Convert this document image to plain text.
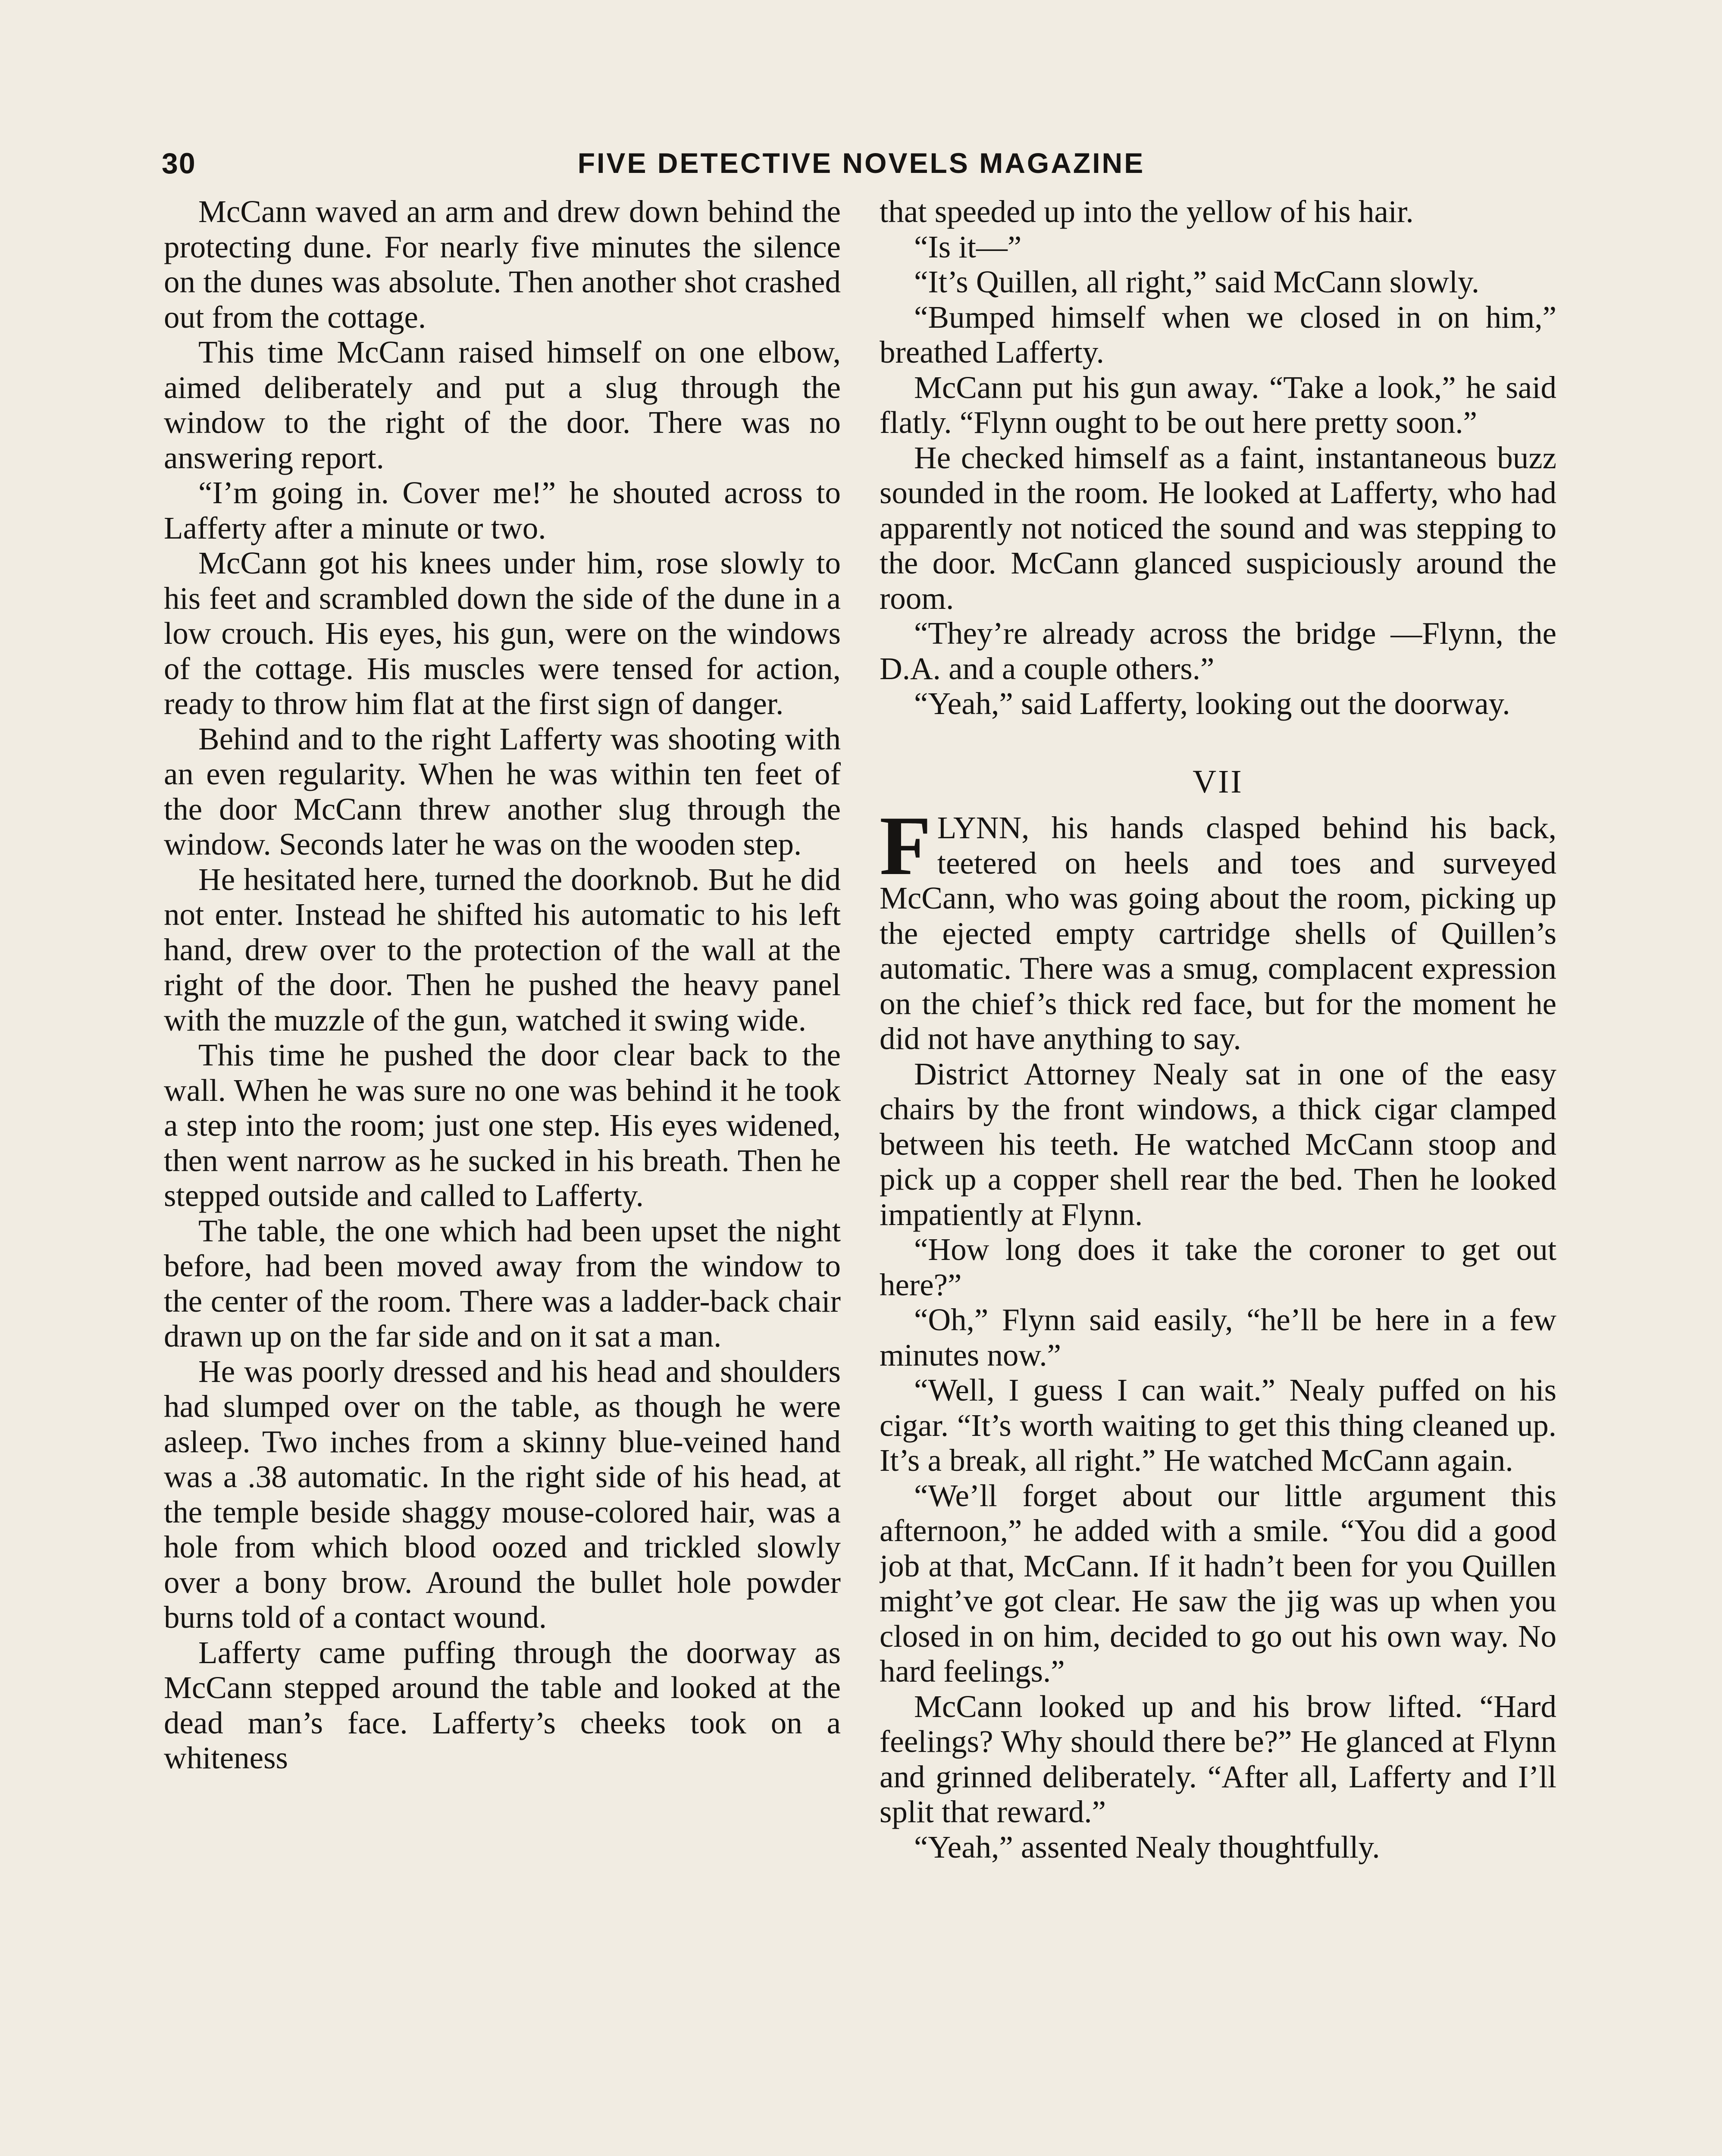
30	FIVE DETECTIVE NOVELS MAGAZINE

McCann waved an arm and drew down behind the protecting dune. For nearly five minutes the silence on the dunes was absolute. Then another shot crashed out from the cottage.

This time McCann raised himself on one elbow, aimed deliberately and put a slug through the window to the right of the door. There was no answering report.

“I’m going in. Cover me!” he shouted across to Lafferty after a minute or two.

McCann got his knees under him, rose slowly to his feet and scrambled down the side of the dune in a low crouch. His eyes, his gun, were on the windows of the cottage. His muscles were tensed for action, ready to throw him flat at the first sign of danger.

Behind and to the right Lafferty was shooting with an even regularity. When he was within ten feet of the door McCann threw another slug through the window. Seconds later he was on the wooden step.

He hesitated here, turned the doorknob. But he did not enter. Instead he shifted his automatic to his left hand, drew over to the protection of the wall at the right of the door. Then he pushed the heavy panel with the muzzle of the gun, watched it swing wide.

This time he pushed the door clear back to the wall. When he was sure no one was behind it he took a step into the room; just one step. His eyes widened, then went narrow as he sucked in his breath. Then he stepped outside and called to Lafferty.

The table, the one which had been upset the night before, had been moved away from the window to the center of the room. There was a ladder-back chair drawn up on the far side and on it sat a man.

He was poorly dressed and his head and shoulders had slumped over on the table, as though he were asleep. Two inches from a skinny blue-veined hand was a .38 automatic. In the right side of his head, at the temple beside shaggy mouse-colored hair, was a hole from which blood oozed and trickled slowly over a bony brow. Around the bullet hole powder burns told of a contact wound.

Lafferty came puffing through the doorway as McCann stepped around the table and looked at the dead man’s face. Lafferty’s cheeks took on a whiteness

that speeded up into the yellow of his hair.

“Is it—”

“It’s Quillen, all right,” said McCann slowly.

“Bumped himself when we closed in on him,” breathed Lafferty.

McCann put his gun away. “Take a look,” he said flatly. “Flynn ought to be out here pretty soon.”

He checked himself as a faint, instantaneous buzz sounded in the room. He looked at Lafferty, who had apparently not noticed the sound and was stepping to the door. McCann glanced suspiciously around the room.

“They’re already across the bridge —Flynn, the D.A. and a couple others.”

“Yeah,” said Lafferty, looking out the doorway.

VII

FLYNN, his hands clasped behind his back, teetered on heels and toes and surveyed McCann, who was going about the room, picking up the ejected empty cartridge shells of Quillen’s automatic. There was a smug, complacent expression on the chief’s thick red face, but for the moment he did not have anything to say.

District Attorney Nealy sat in one of the easy chairs by the front windows, a thick cigar clamped between his teeth. He watched McCann stoop and pick up a copper shell rear the bed. Then he looked impatiently at Flynn.

“How long does it take the coroner to get out here?”

“Oh,” Flynn said easily, “he’ll be here in a few minutes now.”

“Well, I guess I can wait.” Nealy puffed on his cigar. “It’s worth waiting to get this thing cleaned up. It’s a break, all right.” He watched McCann again.

“We’ll forget about our little argument this afternoon,” he added with a smile. “You did a good job at that, McCann. If it hadn’t been for you Quillen might’ve got clear. He saw the jig was up when you closed in on him, decided to go out his own way. No hard feelings.”

McCann looked up and his brow lifted. “Hard feelings? Why should there be?” He glanced at Flynn and grinned deliberately. “After all, Lafferty and I’ll split that reward.”

“Yeah,” assented Nealy thoughtfully.
